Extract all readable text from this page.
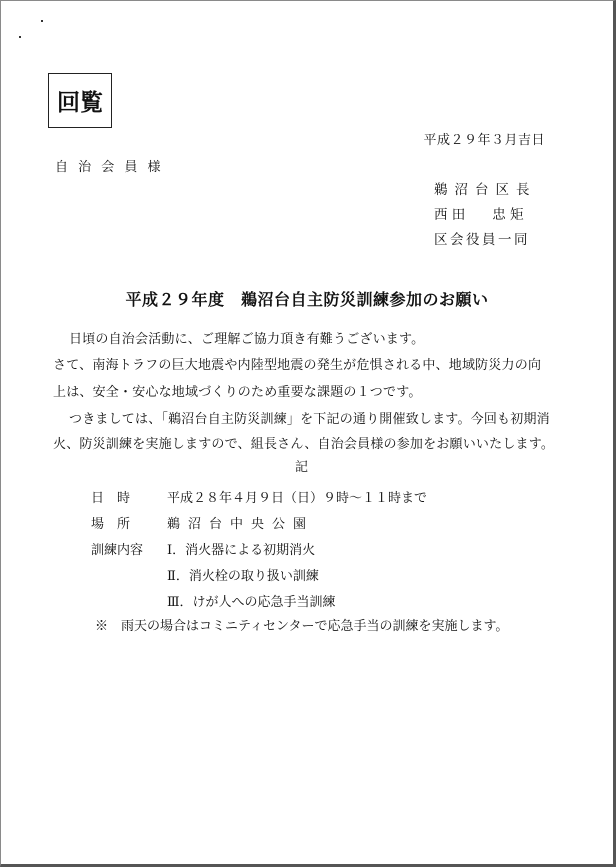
回覧
平成２９年３月吉日
自 治 会 員 様
鵜沼台区長
西 田　　忠 矩
区会役員一同
平成２９年度　鵜沼台自主防災訓練参加のお願い
日頃の自治会活動に、ご理解ご協力頂き有難うございます。
さて、南海トラフの巨大地震や内陸型地震の発生が危惧される中、地域防災力の向
上は、安全・安心な地域づくりのため重要な課題の１つです。
つきましては、「鵜沼台自主防災訓練」を下記の通り開催致します。今回も初期消
火、防災訓練を実施しますので、組長さん、自治会員様の参加をお願いいたします。
記
日　時	平成２８年４月９日（日）９時～１１時まで
場　所	鵜沼台中央公園
訓練内容 Ⅰ．消火器による初期消火
Ⅱ．消火栓の取り扱い訓練
Ⅲ．けが人への応急手当訓練
※　雨天の場合はコミニティセンターで応急手当の訓練を実施します。
